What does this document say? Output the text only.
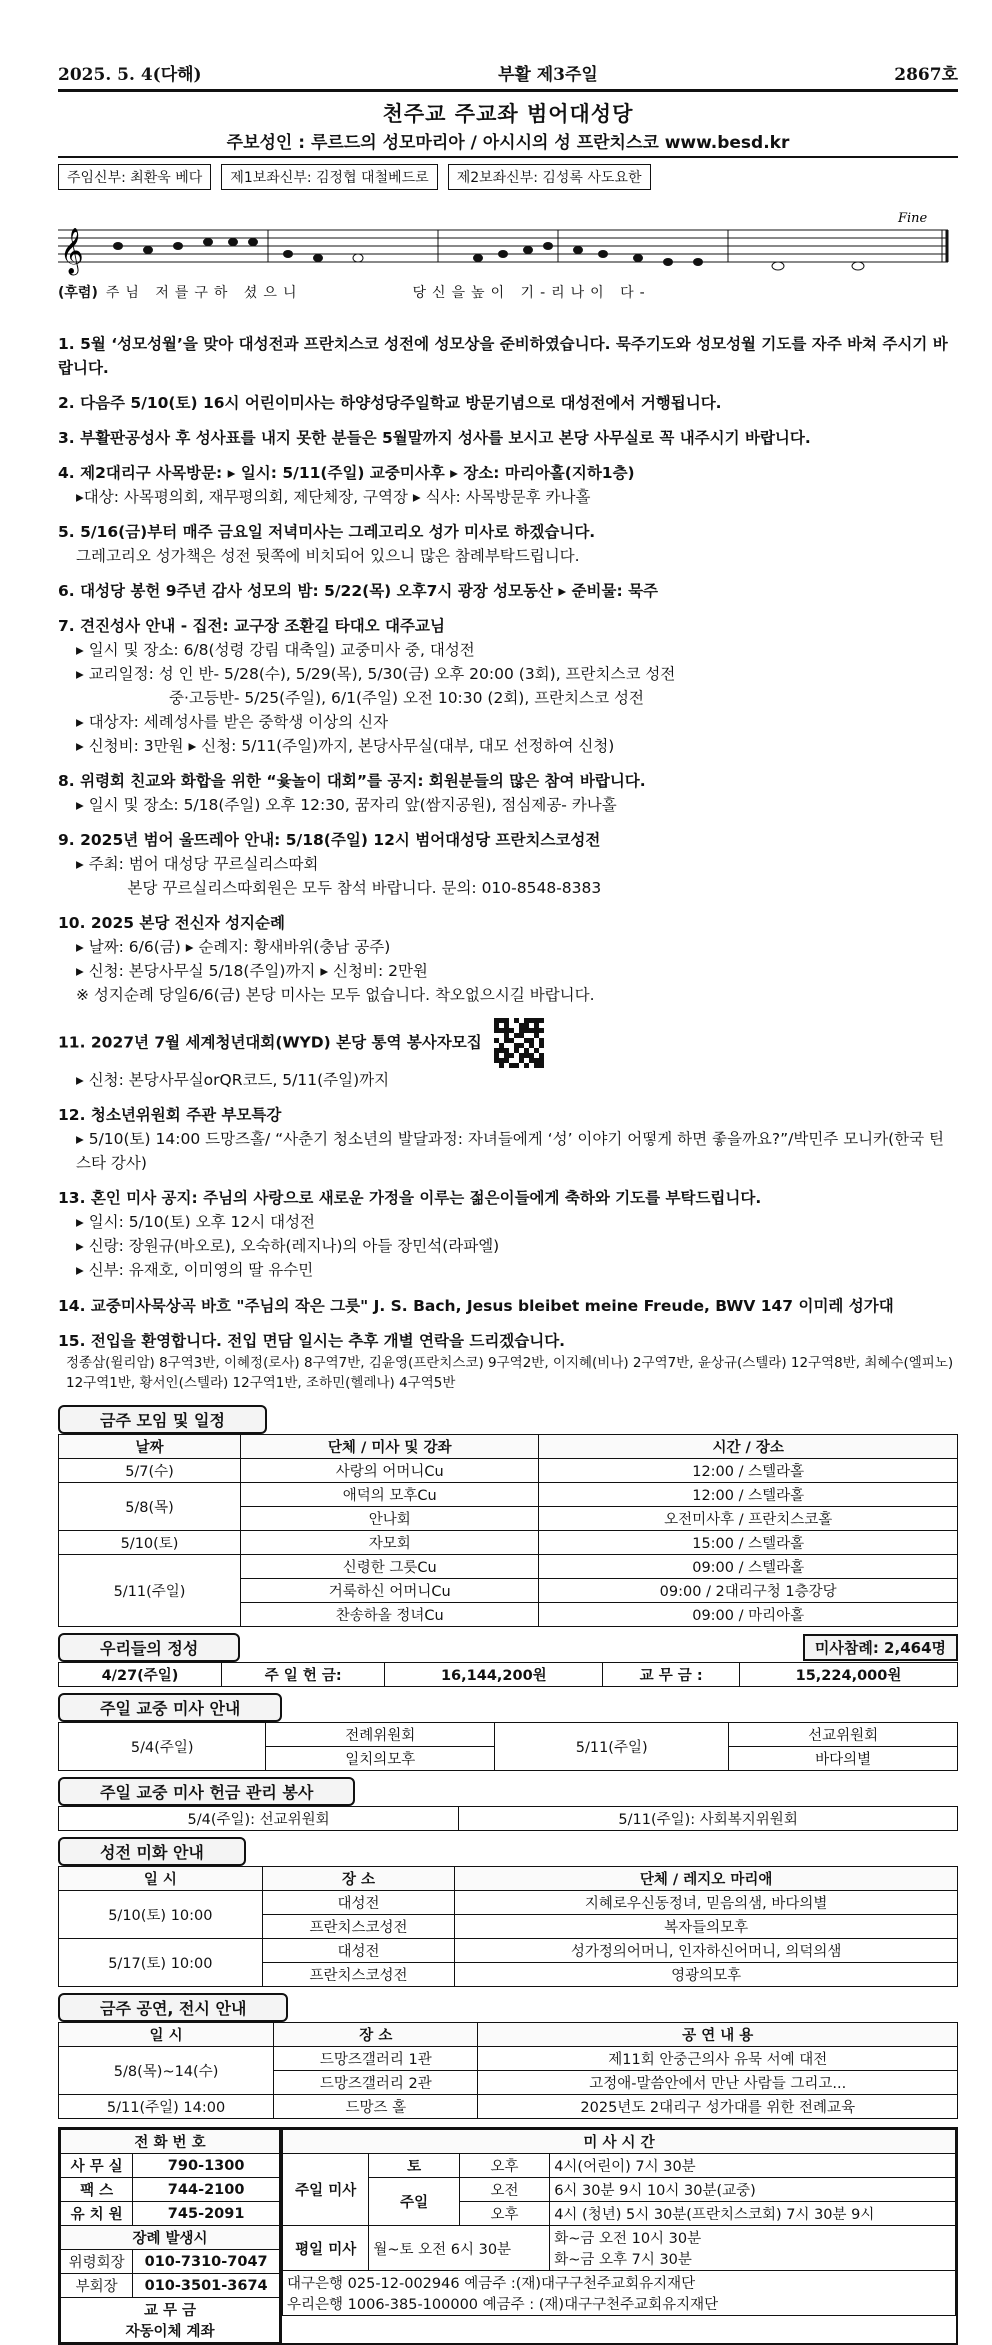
2025. 5. 4(다해)	부활 제3주일	2867호
천주교 주교좌 범어대성당
주보성인 : 루르드의 성모마리아 / 아시시의 성 프란치스코 www.besd.kr
주임신부: 최환욱 베다	제1보좌신부: 김정협 대철베드로	제2보좌신부: 김성록 사도요한
𝄞
Fine
(후렴) 주님 저를구하 셨으니	당신을높이 기-리나이 다-
1. 5월 ‘성모성월’을 맞아 대성전과 프란치스코 성전에 성모상을 준비하였습니다. 묵주기도와 성모성월 기도를 자주 바쳐 주시기 바랍니다.
2. 다음주 5/10(토) 16시 어린이미사는 하양성당주일학교 방문기념으로 대성전에서 거행됩니다.
3. 부활판공성사 후 성사표를 내지 못한 분들은 5월말까지 성사를 보시고 본당 사무실로 꼭 내주시기 바랍니다.
4. 제2대리구 사목방문: ▸ 일시: 5/11(주일) 교중미사후 ▸ 장소: 마리아홀(지하1층)
▸대상: 사목평의회, 재무평의회, 제단체장, 구역장 ▸ 식사: 사목방문후 카나홀
5. 5/16(금)부터 매주 금요일 저녁미사는 그레고리오 성가 미사로 하겠습니다.
그레고리오 성가책은 성전 뒷쪽에 비치되어 있으니 많은 참례부탁드립니다.
6. 대성당 봉헌 9주년 감사 성모의 밤: 5/22(목) 오후7시 광장 성모동산 ▸ 준비물: 묵주
7. 견진성사 안내 - 집전: 교구장 조환길 타대오 대주교님
▸ 일시 및 장소: 6/8(성령 강림 대축일) 교중미사 중, 대성전
▸ 교리일정: 성 인 반- 5/28(수), 5/29(목), 5/30(금) 오후 20:00 (3회), 프란치스코 성전
　　　　　　중·고등반- 5/25(주일), 6/1(주일) 오전 10:30 (2회), 프란치스코 성전
▸ 대상자: 세례성사를 받은 중학생 이상의 신자
▸ 신청비: 3만원 ▸ 신청: 5/11(주일)까지, 본당사무실(대부, 대모 선정하여 신청)
8. 위령회 친교와 화합을 위한 “윷놀이 대회”를 공지: 회원분들의 많은 참여 바랍니다.
▸ 일시 및 장소: 5/18(주일) 오후 12:30, 꿈자리 앞(쌈지공원), 점심제공- 카나홀
9. 2025년 범어 울뜨레아 안내: 5/18(주일) 12시 범어대성당 프란치스코성전
▸ 주최: 범어 대성당 꾸르실리스따회
　　　 본당 꾸르실리스따회원은 모두 참석 바랍니다. 문의: 010-8548-8383
10. 2025 본당 전신자 성지순례
▸ 날짜: 6/6(금) ▸ 순례지: 황새바위(충남 공주)
▸ 신청: 본당사무실 5/18(주일)까지 ▸ 신청비: 2만원
※ 성지순례 당일6/6(금) 본당 미사는 모두 없습니다. 착오없으시길 바랍니다.
11. 2027년 7월 세계청년대회(WYD) 본당 통역 봉사자모집
▸ 신청: 본당사무실orQR코드, 5/11(주일)까지
12. 청소년위원회 주관 부모특강
▸ 5/10(토) 14:00 드망즈홀/ “사춘기 청소년의 발달과정: 자녀들에게 ‘성’ 이야기 어떻게 하면 좋을까요?”/박민주 모니카(한국 틴스타 강사)
13. 혼인 미사 공지: 주님의 사랑으로 새로운 가정을 이루는 젊은이들에게 축하와 기도를 부탁드립니다.
▸ 일시: 5/10(토) 오후 12시 대성전
▸ 신랑: 장원규(바오로), 오숙하(레지나)의 아들 장민석(라파엘)
▸ 신부: 유재호, 이미영의 딸 유수민
14. 교중미사묵상곡 바흐 "주님의 작은 그릇" J. S. Bach, Jesus bleibet meine Freude, BWV 147 이미레 성가대
15. 전입을 환영합니다. 전입 면담 일시는 추후 개별 연락을 드리겠습니다.
정종삼(윌리암) 8구역3반, 이혜정(로사) 8구역7반, 김윤영(프란치스코) 9구역2반, 이지혜(비나) 2구역7반, 윤상규(스텔라) 12구역8반, 최혜수(엘피노) 12구역1반, 황서인(스텔라) 12구역1반, 조하민(헬레나) 4구역5반
금주 모임 및 일정
날짜	단체 / 미사 및 강좌	시간 / 장소
5/7(수)	사랑의 어머니Cu	12:00 / 스텔라홀
5/8(목)	애덕의 모후Cu	12:00 / 스텔라홀
	안나회	오전미사후 / 프란치스코홀
5/10(토)	자모회	15:00 / 스텔라홀
5/11(주일)	신령한 그릇Cu	09:00 / 스텔라홀
	거룩하신 어머니Cu	09:00 / 2대리구청 1층강당
	찬송하올 정녀Cu	09:00 / 마리아홀
우리들의 정성	미사참례: 2,464명
4/27(주일)	주 일 헌 금:	16,144,200원	교 무 금 :	15,224,000원
주일 교중 미사 안내
5/4(주일)	전례위원회	5/11(주일)	선교위원회
	일치의모후		바다의별
주일 교중 미사 헌금 관리 봉사
5/4(주일): 선교위원회	5/11(주일): 사회복지위원회
성전 미화 안내
일 시	장 소	단체 / 레지오 마리애
5/10(토) 10:00	대성전	지혜로우신동정녀, 믿음의샘, 바다의별
	프란치스코성전	복자들의모후
5/17(토) 10:00	대성전	성가정의어머니, 인자하신어머니, 의덕의샘
	프란치스코성전	영광의모후
금주 공연, 전시 안내
일 시	장 소	공 연 내 용
5/8(목)~14(수)	드망즈갤러리 1관	제11회 안중근의사 유묵 서예 대전
	드망즈갤러리 2관	고정애-말씀안에서 만난 사람들 그리고...
5/11(주일) 14:00	드망즈 홀	2025년도 2대리구 성가대를 위한 전례교육
전 화 번 호	
사 무 실	790-1300
팩 스	744-2100
유 치 원	745-2091
장례 발생시	
위령회장	010-7310-7047
부회장	010-3501-3674

교 무 금
자동이체 계좌	
미 사 시 간			
주일 미사	토	오후	4시(어린이) 7시 30분
	주일	오전	6시 30분 9시 10시 30분(교중)
		오후	4시 (청년) 5시 30분(프란치스코회) 7시 30분 9시
평일 미사	월~토 오전 6시 30분		화~금 오전 10시 30분
화~금 오후 7시 30분

대구은행 025-12-002946 예금주 :(재)대구구천주교회유지재단
우리은행 1006-385-100000 예금주 : (재)대구구천주교회유지재단			
